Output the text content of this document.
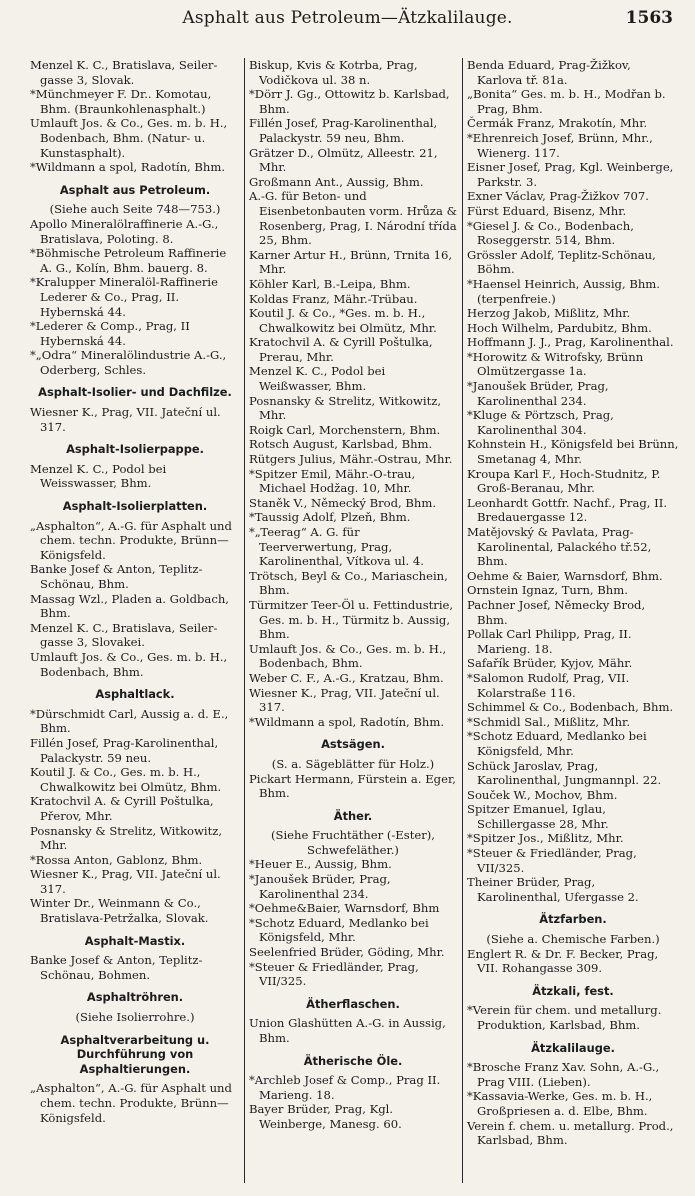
Asphalt aus Petroleum—Ätzkalilauge.	1563
Menzel K. C., Bratislava, Seiler-gasse 3, Slovak.
*Münchmeyer F. Dr.. Komotau, Bhm. (Braunkohlenasphalt.)
Umlauft Jos. & Co., Ges. m. b. H., Bodenbach, Bhm. (Natur- u. Kunstasphalt).
*Wildmann a spol, Radotín, Bhm.
Asphalt aus Petroleum.
(Siehe auch Seite 748—753.)
Apollo Mineralölraffinerie A.-G., Bratislava, Poloting. 8.
*Böhmische Petroleum Raffinerie A. G., Kolín, Bhm. bauerg. 8.
*Kralupper Mineralöl-Raffinerie Lederer & Co., Prag, II. Hybernská 44.
*Lederer & Comp., Prag, II Hybernská 44.
*„Odra“ Mineralölindustrie A.-G., Oderberg, Schles.
Asphalt-Isolier- und Dachfilze.
Wiesner K., Prag, VII. Jateční ul. 317.
Asphalt-Isolierpappe.
Menzel K. C., Podol bei Weisswasser, Bhm.
Asphalt-Isolierplatten.
„Asphalton“, A.-G. für Asphalt und chem. techn. Produkte, Brünn—Königsfeld.
Banke Josef & Anton, Teplitz-Schönau, Bhm.
Massag Wzl., Pladen a. Goldbach, Bhm.
Menzel K. C., Bratislava, Seiler-gasse 3, Slovakei.
Umlauft Jos. & Co., Ges. m. b. H., Bodenbach, Bhm.
Asphaltlack.
*Dürschmidt Carl, Aussig a. d. E., Bhm.
Fillén Josef, Prag-Karolinenthal, Palackystr. 59 neu.
Koutil J. & Co., Ges. m. b. H., Chwalkowitz bei Olmütz, Bhm.
Kratochvil A. & Cyrill Poštulka, Přerov, Mhr.
Posnansky & Strelitz, Witkowitz, Mhr.
*Rossa Anton, Gablonz, Bhm.
Wiesner K., Prag, VII. Jateční ul. 317.
Winter Dr., Weinmann & Co., Bratislava-Petržalka, Slovak.
Asphalt-Mastix.
Banke Josef & Anton, Teplitz-Schönau, Bohmen.
Asphaltröhren.
(Siehe Isolierrohre.)
Asphaltverarbeitung u. Durchführung von Asphaltierungen.
„Asphalton“, A.-G. für Asphalt und chem. techn. Produkte, Brünn—Königsfeld.
Biskup, Kvis & Kotrba, Prag, Vodičkova ul. 38 n.
*Dörr J. Gg., Ottowitz b. Karlsbad, Bhm.
Fillén Josef, Prag-Karolinenthal, Palackystr. 59 neu, Bhm.
Grätzer D., Olmütz, Alleestr. 21, Mhr.
Großmann Ant., Aussig, Bhm.
A.-G. für Beton- und Eisenbetonbauten vorm. Hrůza & Rosenberg, Prag, I. Národní třída 25, Bhm.
Karner Artur H., Brünn, Trnita 16, Mhr.
Köhler Karl, B.-Leipa, Bhm.
Koldas Franz, Mähr.-Trübau.
Koutil J. & Co., *Ges. m. b. H., Chwalkowitz bei Olmütz, Mhr.
Kratochvil A. & Cyrill Poštulka, Prerau, Mhr.
Menzel K. C., Podol bei Weißwasser, Bhm.
Posnansky & Strelitz, Witkowitz, Mhr.
Roigk Carl, Morchenstern, Bhm.
Rotsch August, Karlsbad, Bhm.
Rütgers Julius, Mähr.-Ostrau, Mhr.
*Spitzer Emil, Mähr.-O-trau, Michael Hodžag. 10, Mhr.
Staněk V., Německý Brod, Bhm.
*Taussig Adolf, Plzeň, Bhm.
*„Teerag“ A. G. für Teerverwertung, Prag, Karolinenthal, Vítkova ul. 4.
Trötsch, Beyl & Co., Mariaschein, Bhm.
Türmitzer Teer-Öl u. Fettindustrie, Ges. m. b. H., Türmitz b. Aussig, Bhm.
Umlauft Jos. & Co., Ges. m. b. H., Bodenbach, Bhm.
Weber C. F., A.-G., Kratzau, Bhm.
Wiesner K., Prag, VII. Jateční ul. 317.
*Wildmann a spol, Radotín, Bhm.
Astsägen.
(S. a. Sägeblätter für Holz.)
Pickart Hermann, Fürstein a. Eger, Bhm.
Äther.
(Siehe Fruchtäther (-Ester), Schwefeläther.)
*Heuer E., Aussig, Bhm.
*Janoušek Brüder, Prag, Karolinenthal 234.
*Oehme&Baier, Warnsdorf, Bhm
*Schotz Eduard, Medlanko bei Königsfeld, Mhr.
Seelenfried Brüder, Göding, Mhr.
*Steuer & Friedländer, Prag, VII/325.
Ätherflaschen.
Union Glashütten A.-G. in Aussig, Bhm.
Ätherische Öle.
*Archleb Josef & Comp., Prag II. Marieng. 18.
Bayer Brüder, Prag, Kgl. Weinberge, Manesg. 60.
Benda Eduard, Prag-Žižkov, Karlova tř. 81a.
„Bonita“ Ges. m. b. H., Modřan b. Prag, Bhm.
Čermák Franz, Mrakotín, Mhr.
*Ehrenreich Josef, Brünn, Mhr., Wienerg. 117.
Eisner Josef, Prag, Kgl. Weinberge, Parkstr. 3.
Exner Václav, Prag-Žižkov 707.
Fürst Eduard, Bisenz, Mhr.
*Giesel J. & Co., Bodenbach, Roseggerstr. 514, Bhm.
Grössler Adolf, Teplitz-Schönau, Böhm.
*Haensel Heinrich, Aussig, Bhm. (terpenfreie.)
Herzog Jakob, Mißlitz, Mhr.
Hoch Wilhelm, Pardubitz, Bhm.
Hoffmann J. J., Prag, Karolinenthal.
*Horowitz & Witrofsky, Brünn Olmützergasse 1a.
*Janoušek Brüder, Prag, Karolinenthal 234.
*Kluge & Pörtzsch, Prag, Karolinenthal 304.
Kohnstein H., Königsfeld bei Brünn, Smetanag 4, Mhr.
Kroupa Karl F., Hoch-Studnitz, P. Groß-Beranau, Mhr.
Leonhardt Gottfr. Nachf., Prag, II. Bredauergasse 12.
Matějovský & Pavlata, Prag-Karolinental, Palackého tř.52, Bhm.
Oehme & Baier, Warnsdorf, Bhm.
Ornstein Ignaz, Turn, Bhm.
Pachner Josef, Německy Brod, Bhm.
Pollak Carl Philipp, Prag, II. Marieng. 18.
Safařík Brüder, Kyjov, Mähr.
*Salomon Rudolf, Prag, VII. Kolarstraße 116.
Schimmel & Co., Bodenbach, Bhm.
*Schmidl Sal., Mißlitz, Mhr.
*Schotz Eduard, Medlanko bei Königsfeld, Mhr.
Schück Jaroslav, Prag, Karolinenthal, Jungmannpl. 22.
Souček W., Mochov, Bhm.
Spitzer Emanuel, Iglau, Schillergasse 28, Mhr.
*Spitzer Jos., Mißlitz, Mhr.
*Steuer & Friedländer, Prag, VII/325.
Theiner Brüder, Prag, Karolinenthal, Ufergasse 2.
Ätzfarben.
(Siehe a. Chemische Farben.)
Englert R. & Dr. F. Becker, Prag, VII. Rohangasse 309.
Ätzkali, fest.
*Verein für chem. und metallurg. Produktion, Karlsbad, Bhm.
Ätzkalilauge.
*Brosche Franz Xav. Sohn, A.-G., Prag VIII. (Lieben).
*Kassavia-Werke, Ges. m. b. H., Großpriesen a. d. Elbe, Bhm.
Verein f. chem. u. metallurg. Prod., Karlsbad, Bhm.
